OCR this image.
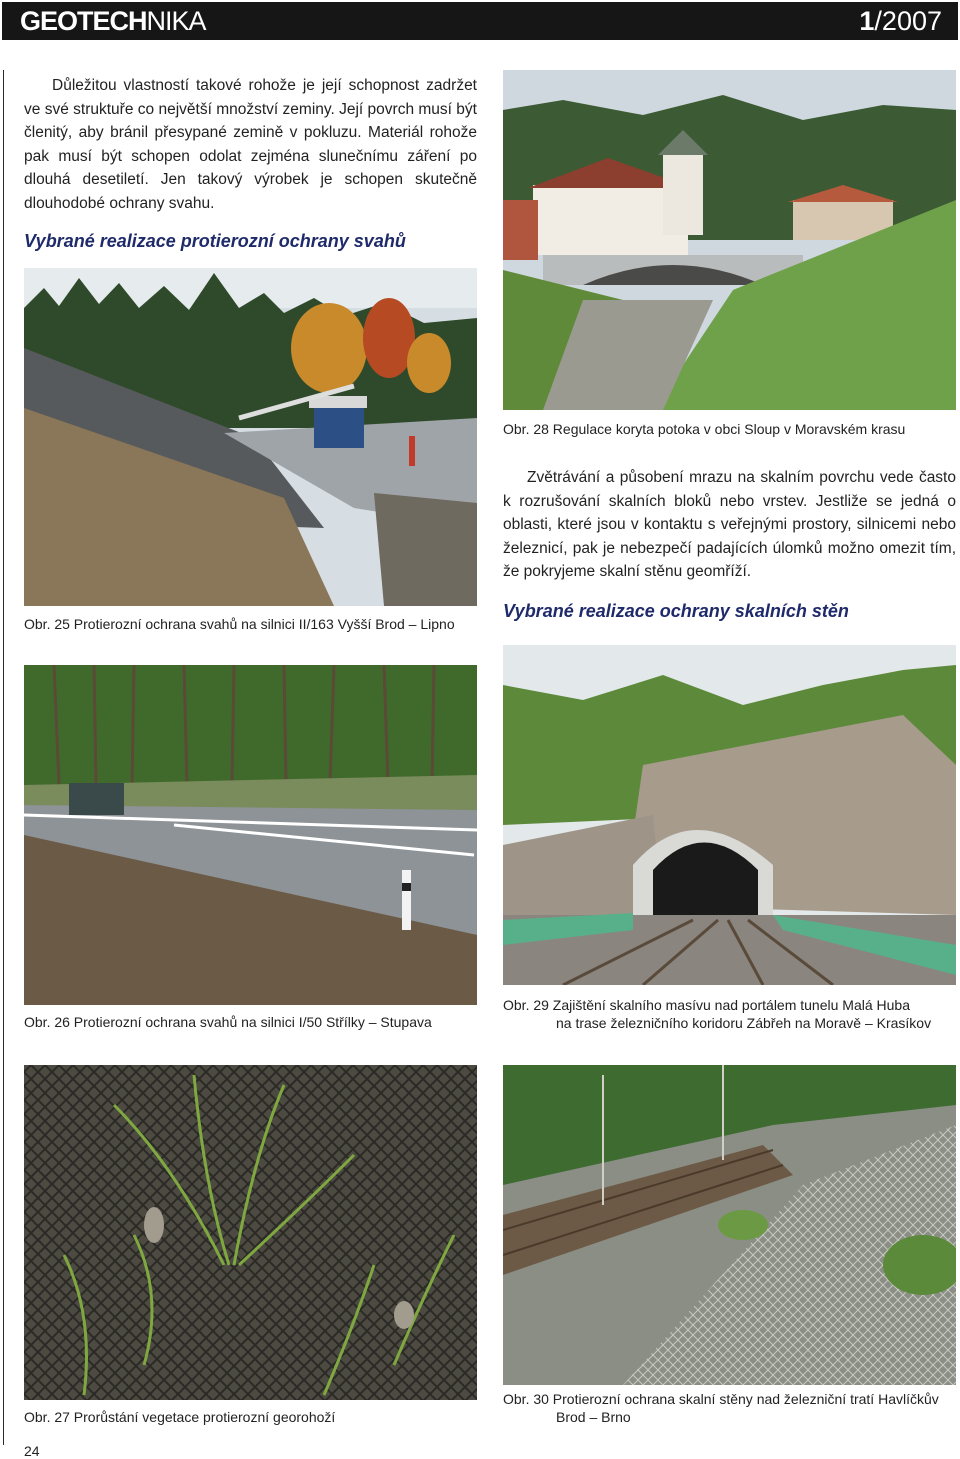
GEOTECHNIKA	1/2007

Důležitou vlastností takové rohože je její schopnost zadržet ve své struktuře co největší množství zeminy. Její povrch musí být členitý, aby bránil přesypané zemině v pokluzu. Materiál rohože pak musí být schopen odolat zejména slunečnímu záření po dlouhá desetiletí. Jen takový výrobek je schopen skutečně dlouhodobé ochrany svahu.

Vybrané realizace protierozní ochrany svahů

Obr. 25 Protierozní ochrana svahů na silnici II/163 Vyšší Brod – Lipno

Obr. 28 Regulace koryta potoka v obci Sloup v Moravském krasu

Zvětrávání a působení mrazu na skalním povrchu vede často k rozrušování skalních bloků nebo vrstev. Jestliže se jedná o oblasti, které jsou v kontaktu s veřejnými prostory, silnicemi nebo železnicí, pak je nebezpečí padajících úlomků možno omezit tím, že pokryjeme skalní stěnu geomříží.

Vybrané realizace ochrany skalních stěn

Obr. 26 Protierozní ochrana svahů na silnici I/50 Střílky – Stupava

Obr. 29 Zajištění skalního masívu nad portálem tunelu Malá Huba
na trase železničního koridoru Zábřeh na Moravě – Krasíkov

Obr. 27 Prorůstání vegetace protierozní georohoží

Obr. 30 Protierozní ochrana skalní stěny nad železniční tratí Havlíčkův
Brod – Brno

24
